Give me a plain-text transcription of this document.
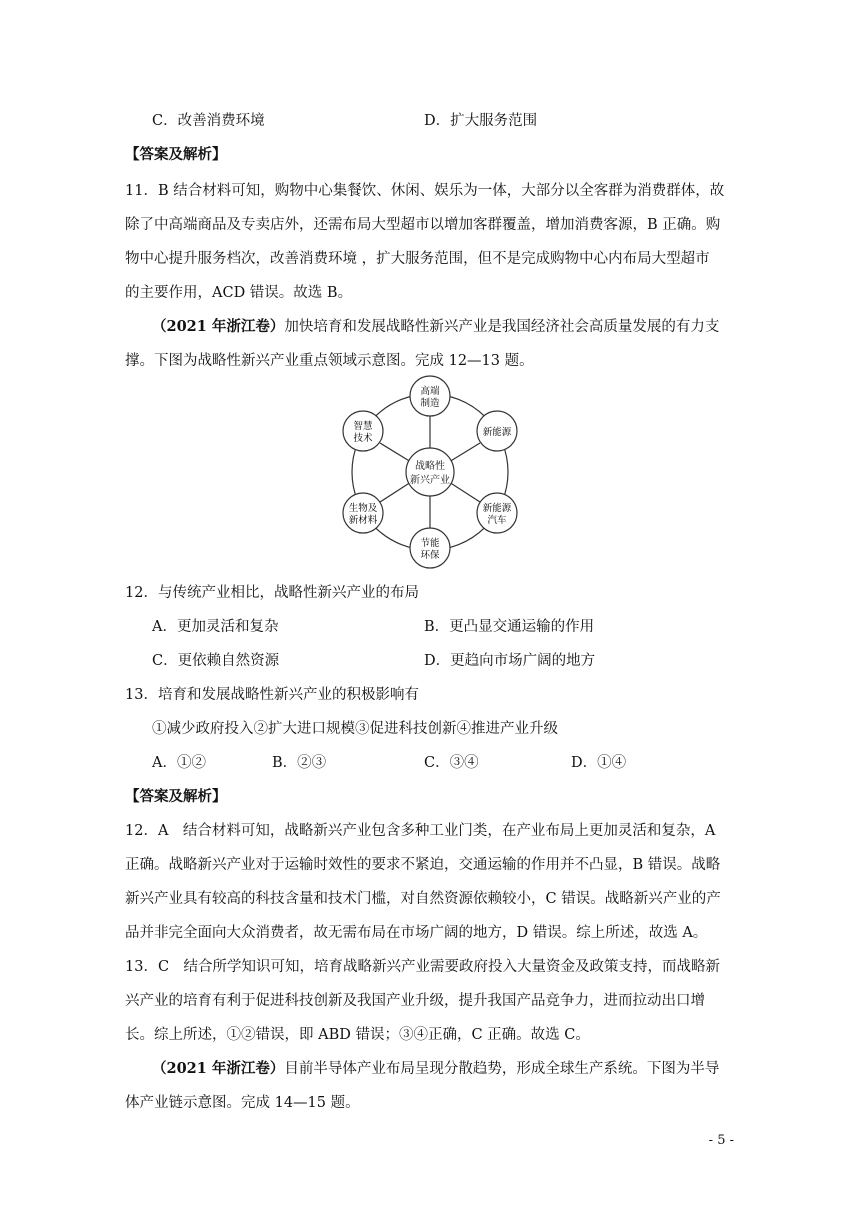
C．改善消费环境	D．扩大服务范围
【答案及解析】
11．B 结合材料可知，购物中心集餐饮、休闲、娱乐为一体，大部分以全客群为消费群体，故
除了中高端商品及专卖店外，还需布局大型超市以增加客群覆盖，增加消费客源，B 正确。购
物中心提升服务档次，改善消费环境 ，扩大服务范围，但不是完成购物中心内布局大型超市
的主要作用，ACD 错误。故选 B。
（2021 年浙江卷）加快培育和发展战略性新兴产业是我国经济社会高质量发展的有力支
撑。下图为战略性新兴产业重点领域示意图。完成 12—13 题。
战略性
新兴产业
高端
制造
新能源
新能源
汽车
节能
环保
生物及
新材料
智慧
技术
12．与传统产业相比，战略性新兴产业的布局
A．更加灵活和复杂	B．更凸显交通运输的作用
C．更依赖自然资源	D．更趋向市场广阔的地方
13．培育和发展战略性新兴产业的积极影响有
①减少政府投入②扩大进口规模③促进科技创新④推进产业升级
A．①②	B．②③	C．③④	D．①④
【答案及解析】
12．A　结合材料可知，战略新兴产业包含多种工业门类，在产业布局上更加灵活和复杂，A
正确。战略新兴产业对于运输时效性的要求不紧迫，交通运输的作用并不凸显，B 错误。战略
新兴产业具有较高的科技含量和技术门槛，对自然资源依赖较小，C 错误。战略新兴产业的产
品并非完全面向大众消费者，故无需布局在市场广阔的地方，D 错误。综上所述，故选 A。
13．C　结合所学知识可知，培育战略新兴产业需要政府投入大量资金及政策支持，而战略新
兴产业的培育有利于促进科技创新及我国产业升级，提升我国产品竞争力，进而拉动出口增
长。综上所述，①②错误，即 ABD 错误；③④正确，C 正确。故选 C。
（2021 年浙江卷）目前半导体产业布局呈现分散趋势，形成全球生产系统。下图为半导
体产业链示意图。完成 14—15 题。
- 5 -
